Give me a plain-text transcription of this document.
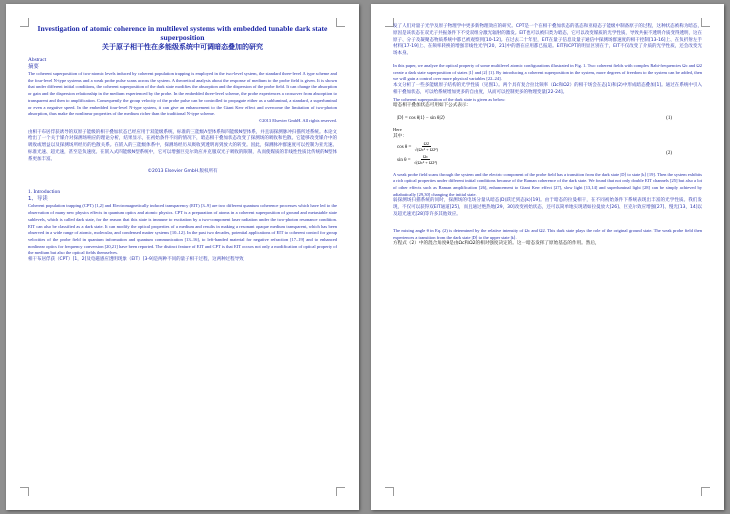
Investigation of atomic coherence in multilevel systems with embedded tunable dark state superposition
关于原子相干性在多能级系统中可调暗态叠加的研究
Abstract
摘要

The coherent superposition of two-atomic levels induced by coherent population trapping is employed in the two-level system, the standard three-level Λ type scheme and the four-level N-type systems and a weak probe pulse scans across the system. A theoretical analysis about the response of medium to the probe field is given. It is shown that under different initial conditions, the coherent superposition of the dark state modifies the absorption and the dispersion of the probe field. It can change the absorption or gain and the dispersion relationship in the medium experienced by the probe. In the embedded three-level scheme, the probe experiences a crossover from absorption to transparent and then to amplification. Consequently the group velocity of the probe pulse can be controlled to propagate either as a subluminal, a standard, a superluminal or even a negative speed. In the embedded four-level N-type system, it can give an enhancement to the Giant Kerr effect and overcome the limitation of two-photon absorption, thus make the nonlinear properties of the medium richer than the traditional N-type scheme.

©2013 Elsevier GmbH. All rights reserved.

由相干布居俘获诱导的双原子能级的相干叠加状态已经应用于双能级系统，标准的三能级Λ型体系和四能级N型体系，并且弱探测脉冲扫描所述系统。本论文给出了一个关于媒介对探测场响应的理论分析，结果显示，在初始条件不同的情况下，暗态相干叠加状态改变了探测场的吸收和色散。它能够改变媒介中的吸收或增益以及探测场所经历的色散关系。在嵌入的三能级体系中，探测场经历从吸收到透明再到放大的转变。因此，探测脉冲群速度可以控制为亚光速、标准光速、超光速，甚至是负速度。在嵌入式四能级N型系统中，它可以增强巨克尔效应并克服双光子吸收的限制，从而使媒质的非线性性质比传统的N型体系更加丰富。

©2013 Elsevier GmbH.版权所有

1. Introduction
1、导读

Coherent population trapping (CPT) [1,2] and Electromagnetically induced transparency (EIT) [3–9] are two different quantum coherence processes which have led to the observation of many new physics effects in quantum optics and atomic physics. CPT is a preparation of atoms in a coherent superposition of ground and metastable state sublevels, which is called dark state, for the reason that this state is immune to excitation by a two-component laser radiation under the two-photon resonance condition. EIT can also be classified as a dark state. It can modify the optical properties of a medium and results in making a resonant opaque medium transparent, which has been observed in a wide range of atomic, molecular, and condensed matter systems [10–12]. In the past two decades, potential applications of EIT to coherent control for group velocities of the probe field in quantum information and quantum communication [13–16], to left-handed material for negative refraction [17–19] and to enhanced nonlinear optics for frequency conversion [20,21] have been reported. The distinct feature of EIT and CPT is that EIT occurs not only a modification of optical property of the medium but also the optical fields themselves.

相干布居俘获（CPT）[1，2]及电磁感应透明现象（EIT）[3-9]是两种不同的量子相干过程，这两种过程导致

发了人们对量子光学及原子物理学中更多新物理效应的研究。CPT是一个在相干叠加状态的基态和亚稳态子能级中制备原子的过程，这种状态被称为暗态，原因是该状态在双光子共振条件下不受双组分激光辐射的激发。EIT也可以被归类为暗态，它可以改变媒质的光学性质，导致共振不透明介质变得透明，这在原子、分子及凝聚态物质系统中都已被观察到[10-12]。在过去二十年里，EIT在量子信息及量子通信中探测场群速度的相干控制[13-16]上、在负折射左手材料[17-19]上、在频率转换的增强非线性光学[20，21]中的潜在应用都已报道。EIT和CPT的明显区别在于，EIT不仅改变了介质的光学性质，还会改变光场本身。

In this paper, we analyze the optical property of some multilevel atomic configurations illustrated in Fig. 1. Two coherent fields with complex Rabi-frequencies Ωc and Ω2 create a dark state superposition of states |1⟩ and |2⟩ [1]. By introducing a coherent superposition in the system, more degrees of freedom to the system can be added, then we will gain a control over more physical variables [22–24].

本文分析了一些多能级原子结构的光学性质（见图1）。两个具有复合拉比频率（Ωc和Ω2）的相干场会在态|1⟩和|2⟩中形成暗态叠加[1]。通过在系统中引入相干叠加状态，可以给系统增加更多的自由度，从而可以控制更多的物理变量[22-24]。

The coherent superposition of the dark state is given as below:

暗态相干叠加状态可用如下公式表示：

|D⟩ = cos θ|1⟩ − sin θ|2⟩	(1)

Here

其中：

$\cos \theta = \frac{\Omega 2}{\text{√(Ωc² + Ω2²)}}$
$\sin \theta = \frac{\Omega c}{\text{√(Ωc² + Ω2²)}}$	(2)

A weak probe field scans through the system and the electric component of the probe field has a transition from the dark state |D⟩ to state |k⟩ [19]. Then the system exhibits a rich optical properties under different initial conditions because of the Raman coherence of the dark state. We found that not only double EIT channels [25] but also a lot of other effects such as Raman amplification [26], enhancement to Giant Kerr effect [27], slow light [13,14] and superluminal light [28] can be simply achieved by adiabatically [29,30] changing the initial state.

弱探测场扫描系统的同时，探测场的电场分量从暗态|D⟩跃迁到态|k⟩[19]。由于暗态的拉曼相干，在不同初始条件下系统表现出丰富的光学性质。我们发现，不仅可以获得双EIT通道[25]，而且通过绝热地[29，30]改变初始状态，还可以简单地实现诸如拉曼放大[26]、巨克尔效应增强[27]、慢光[13，14]以及超光速光[28]等许多其他效应。

The mixing angle θ in Eq. (2) is determined by the relative intensity of Ωc and Ω2. This dark state plays the role of the original ground state. The weak probe field then experiences a transition from the dark state |D⟩ to the upper state |k⟩.

方程式（2）中的混合角度θ是由Ωc和Ω2的相对强度决定的。这一暗态发挥了原始基态的作用。然后，
